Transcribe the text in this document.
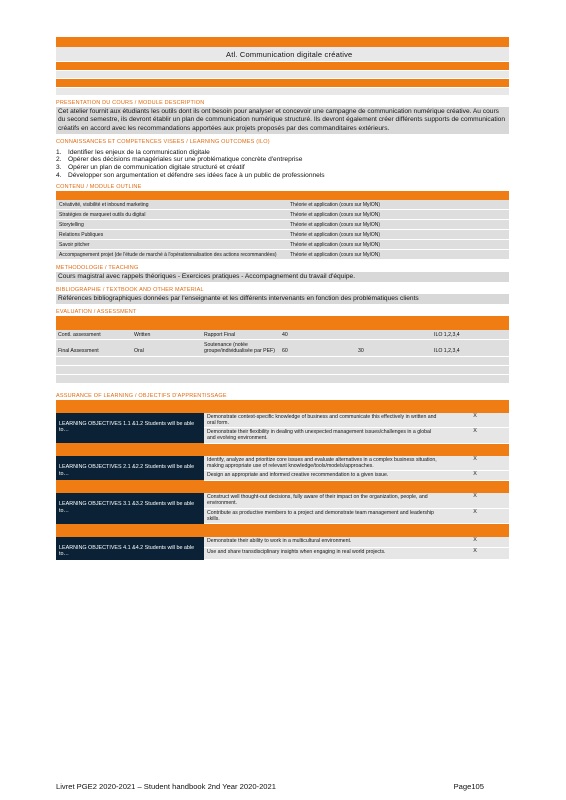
Atl. Communication digitale créative
PRESENTATION DU COURS / MODULE DESCRIPTION
Cet atelier fournit aux étudiants les outils dont ils ont besoin pour analyser et concevoir une campagne de communication numérique créative. Au cours du second semestre, ils devront établir un plan de communication numérique structuré. Ils devront également créer différents supports de communication créatifs en accord avec les recommandations apportées aux projets proposés par des commanditaires extérieurs.
CONNAISSANCES ET COMPETENCES VISEES / LEARNING OUTCOMES (ILO)
1. Identifier les enjeux de la communication digitale
2. Opérer des décisions managériales sur une problématique concrète d'entreprise
3. Opérer un plan de communication digitale structuré et créatif
4. Développer son argumentation et défendre ses idées face à un public de professionnels
CONTENU / MODULE OUTLINE

Créativité, visibilité et inbound marketing	Théorie et application (cours sur MyION)
Stratégies de marqueet outils du digital	Théorie et application (cours sur MyION)
Storytelling	Théorie et application (cours sur MyION)
Relations Publiques	Théorie et application (cours sur MyION)
Savoir pitcher	Théorie et application (cours sur MyION)
Accompagnement projet (de l'étude de marché à l'opérationnalisation des actions recommandées)	Théorie et application (cours sur MyION)
METHODOLOGIE / TEACHING
Cours magistral avec rappels théoriques - Exercices pratiques - Accompagnement du travail d'équipe.
BIBLIOGRAPHIE / TEXTBOOK AND OTHER MATERIAL
Références bibliographiques données par l'enseignante et les différents intervenants en fonction des problématiques clients
EVALUATION / ASSESSMENT

Contl. assessment	Written	Rapport Final	40		ILO 1,2,3,4
Final Assessment	Oral	Soutenance (notée groupe/individualisée par PEF)	60	30	ILO 1,2,3,4

ASSURANCE OF LEARNING / OBJECTIFS D'APPRENTISSAGE

LEARNING OBJECTIVES 1.1 &1.2 Students will be able to…	Demonstrate context-specific knowledge of business and communicate this effectively in written and oral form.	X
	Demonstrate their flexibility in dealing with unexpected management issues/challenges in a global and evolving environment.	X

LEARNING OBJECTIVES 2.1 &2.2 Students will be able to…	Identify, analyze and prioritize core issues and evaluate alternatives in a complex business situation, making appropriate use of relevant knowledge/tools/models/approaches.	X
	Design an appropriate and informed creative recommendation to a given issue.	X

LEARNING OBJECTIVES 3.1 &3.2 Students will be able to…	Construct well thought-out decisions, fully aware of their impact on the organization, people, and environment.	X
	Contribute as productive members to a project and demonstrate team management and leadership skills.	X

LEARNING OBJECTIVES 4.1 &4.2 Students will be able to…	Demonstrate their ability to work in a multicultural environment.	X
	Use and share transdisciplinary insights when engaging in real world projects.	X
Livret PGE2 2020-2021 – Student handbook 2nd Year 2020-2021	Page105
